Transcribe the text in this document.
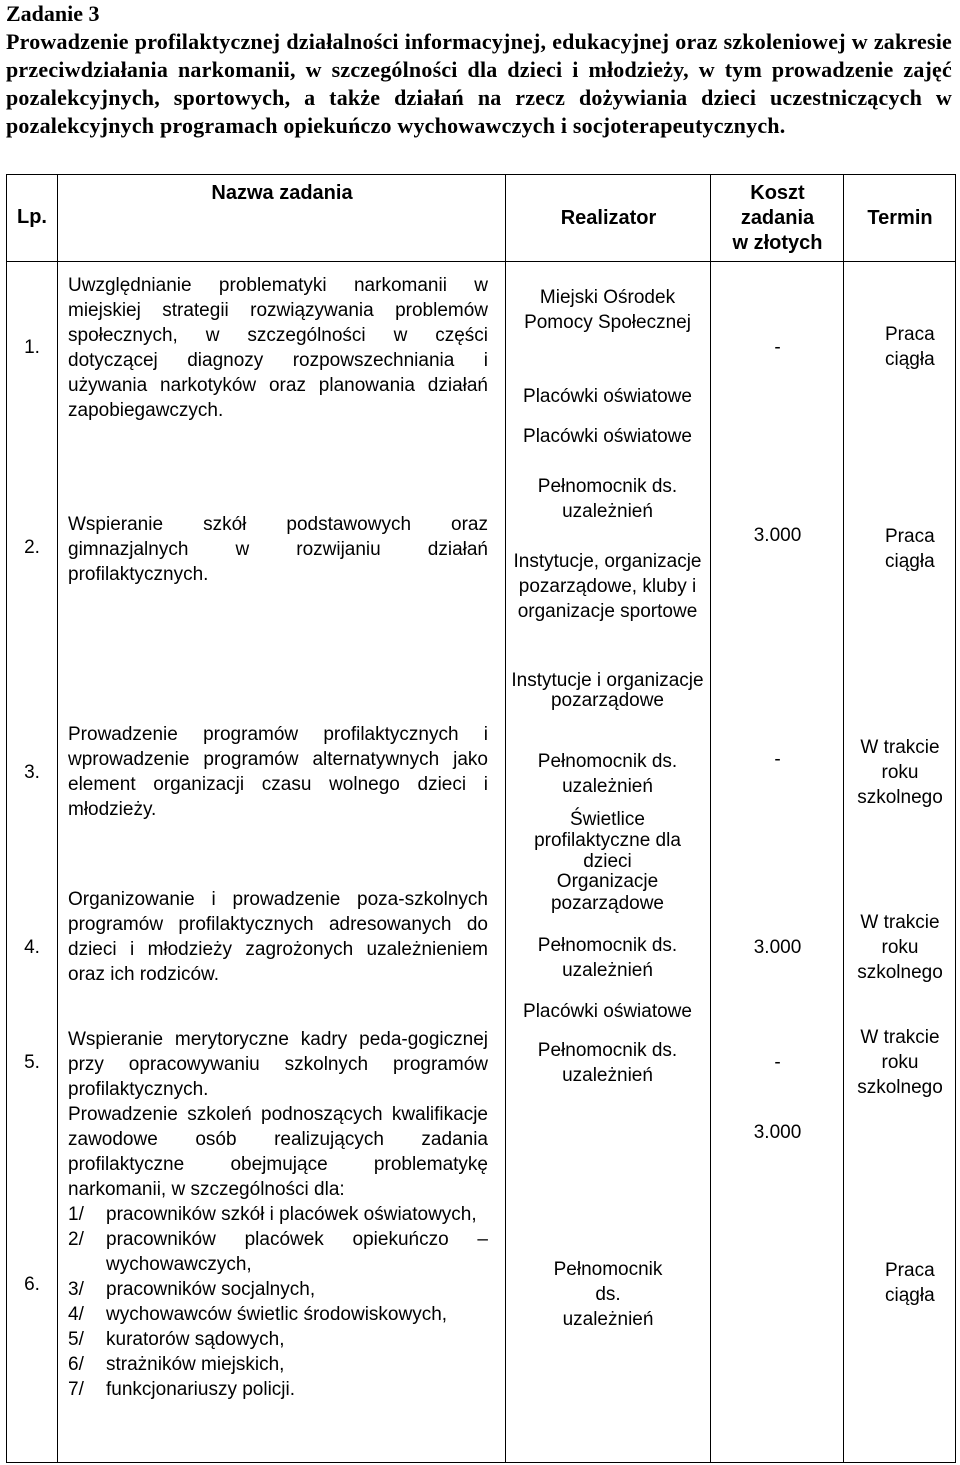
Zadanie 3
Prowadzenie profilaktycznej działalności informacyjnej, edukacyjnej oraz szkoleniowej w zakresie przeciwdziałania narkomanii, w szczególności dla dzieci i młodzieży, w tym prowadzenie zajęć pozalekcyjnych, sportowych, a także działań na rzecz dożywiania dzieci uczestniczących w pozalekcyjnych programach opiekuńczo wychowawczych i socjoterapeutycznych.
Lp.
Nazwa zadania
Realizator
Koszt
zadania
w złotych
Termin
1.
2.
3.
4.
5.
6.
Uwzględnianie problematyki narkomanii w miejskiej strategii rozwiązywania problemów społecznych, w szczególności w części dotyczącej diagnozy rozpowszechniania i używania narkotyków oraz planowania działań zapobiegawczych.
Wspieranie szkół podstawowych oraz gimnazjalnych w rozwijaniu działań profilaktycznych.
Prowadzenie programów profilaktycznych i wprowadzenie programów alternatywnych jako element organizacji czasu wolnego dzieci i młodzieży.
Organizowanie i prowadzenie poza-szkolnych programów profilaktycznych adresowanych do dzieci i młodzieży zagrożonych uzależnieniem oraz ich rodziców.
Wspieranie merytoryczne kadry peda-gogicznej przy opracowywaniu szkolnych programów profilaktycznych.
Prowadzenie szkoleń podnoszących kwalifikacje zawodowe osób realizujących zadania profilaktyczne obejmujące problematykę narkomanii, w szczególności dla:
1/ pracowników szkół i placówek oświatowych,
2/ pracowników placówek opiekuńczo – wychowawczych,
3/ pracowników socjalnych,
4/ wychowawców świetlic środowiskowych,
5/ kuratorów sądowych,
6/ strażników miejskich,
7/ funkcjonariuszy policji.
Miejski Ośrodek Pomocy Społecznej
Placówki oświatowe
Placówki oświatowe
Pełnomocnik ds. uzależnień
Instytucje, organizacje pozarządowe, kluby i organizacje sportowe
Instytucje i organizacje pozarządowe
Pełnomocnik ds. uzależnień
Świetlice profilaktyczne dla dzieci
Organizacje pozarządowe
Pełnomocnik ds. uzależnień
Placówki oświatowe
Pełnomocnik ds. uzależnień
Pełnomocnik ds. uzależnień
-
3.000
-
3.000
-
3.000
Praca ciągła
Praca ciągła
W trakcie roku szkolnego
W trakcie roku szkolnego
W trakcie roku szkolnego
Praca ciągła
